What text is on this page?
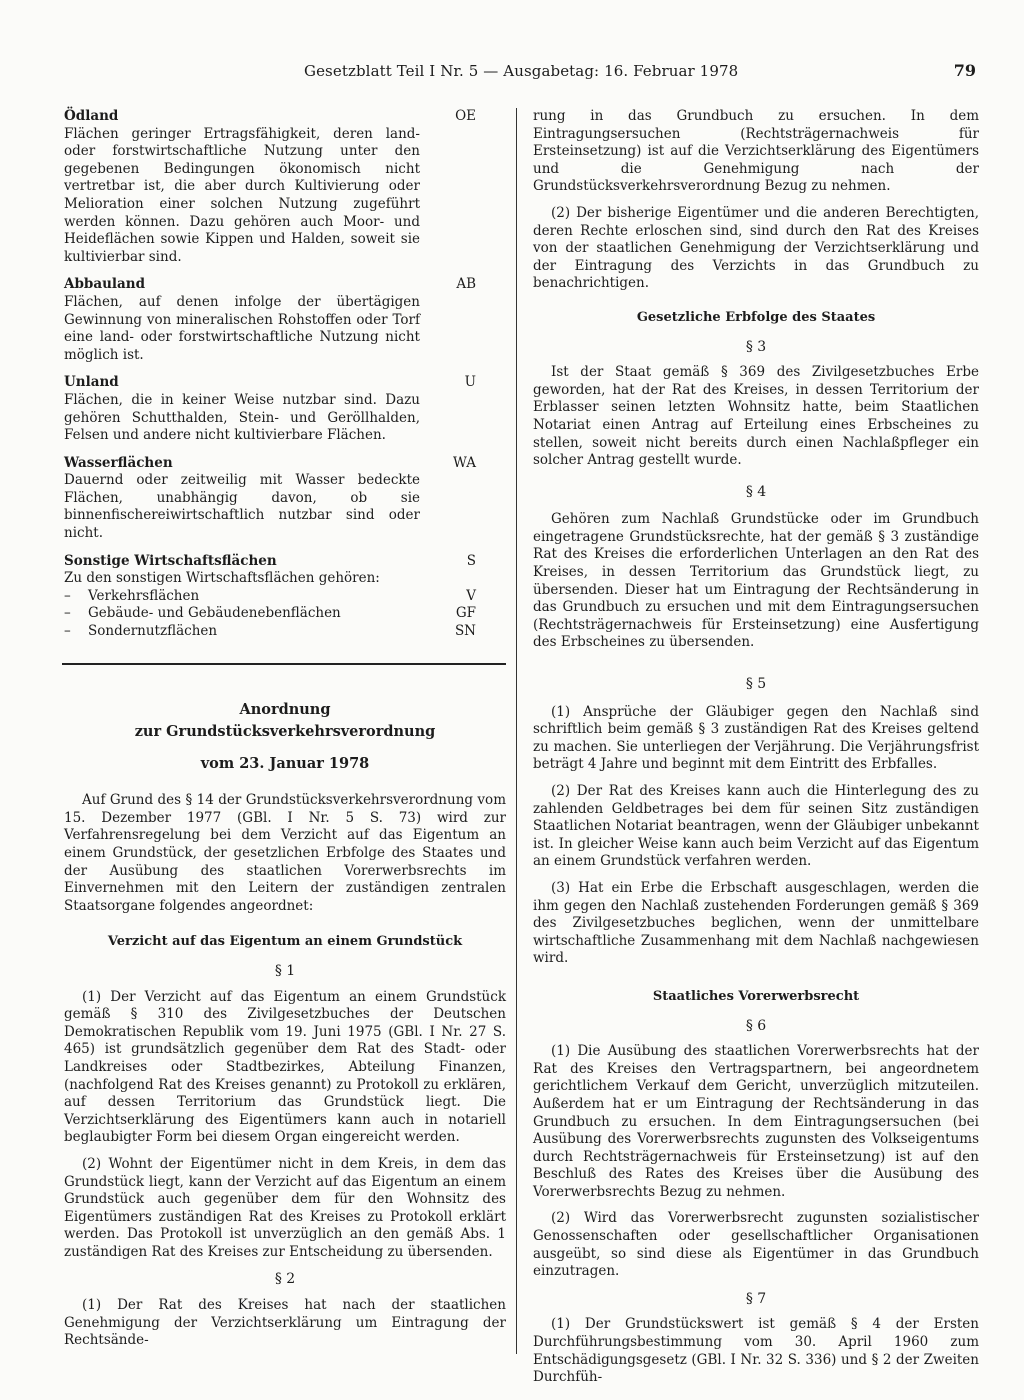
Gesetzblatt Teil I Nr. 5 — Ausgabetag: 16. Februar 1978	79
Ödland	OE
Flächen geringer Ertragsfähigkeit, deren land- oder forstwirtschaftliche Nutzung unter den gegebenen Bedingungen ökonomisch nicht vertretbar ist, die aber durch Kultivierung oder Melioration einer solchen Nutzung zugeführt werden können. Dazu gehören auch Moor- und Heideflächen sowie Kippen und Halden, soweit sie kultivierbar sind.
Abbauland	AB
Flächen, auf denen infolge der übertägigen Gewinnung von mineralischen Rohstoffen oder Torf eine land- oder forstwirtschaftliche Nutzung nicht möglich ist.
Unland	U
Flächen, die in keiner Weise nutzbar sind. Dazu gehören Schutthalden, Stein- und Geröllhalden, Felsen und andere nicht kultivierbare Flächen.
Wasserflächen	WA
Dauernd oder zeitweilig mit Wasser bedeckte Flächen, unabhängig davon, ob sie binnenfischereiwirtschaftlich nutzbar sind oder nicht.
Sonstige Wirtschaftsflächen	S
Zu den sonstigen Wirtschaftsflächen gehören:
–	Verkehrsflächen	V
–	Gebäude- und Gebäudenebenflächen	GF
–	Sondernutzflächen	SN
Anordnung
zur Grundstücksverkehrsverordnung
vom 23. Januar 1978

Auf Grund des § 14 der Grundstücksverkehrsverordnung vom 15. Dezember 1977 (GBl. I Nr. 5 S. 73) wird zur Verfahrensregelung bei dem Verzicht auf das Eigentum an einem Grundstück, der gesetzlichen Erbfolge des Staates und der Ausübung des staatlichen Vorerwerbsrechts im Einvernehmen mit den Leitern der zuständigen zentralen Staatsorgane folgendes angeordnet:

Verzicht auf das Eigentum an einem Grundstück
§ 1

(1) Der Verzicht auf das Eigentum an einem Grundstück gemäß § 310 des Zivilgesetzbuches der Deutschen Demokratischen Republik vom 19. Juni 1975 (GBl. I Nr. 27 S. 465) ist grundsätzlich gegenüber dem Rat des Stadt- oder Landkreises oder Stadtbezirkes, Abteilung Finanzen, (nachfolgend Rat des Kreises genannt) zu Protokoll zu erklären, auf dessen Territorium das Grundstück liegt. Die Verzichtserklärung des Eigentümers kann auch in notariell beglaubigter Form bei diesem Organ eingereicht werden.

(2) Wohnt der Eigentümer nicht in dem Kreis, in dem das Grundstück liegt, kann der Verzicht auf das Eigentum an einem Grundstück auch gegenüber dem für den Wohnsitz des Eigentümers zuständigen Rat des Kreises zu Protokoll erklärt werden. Das Protokoll ist unverzüglich an den gemäß Abs. 1 zuständigen Rat des Kreises zur Entscheidung zu übersenden.

§ 2

(1) Der Rat des Kreises hat nach der staatlichen Genehmigung der Verzichtserklärung um Eintragung der Rechtsände-

rung in das Grundbuch zu ersuchen. In dem Eintragungsersuchen (Rechtsträgernachweis für Ersteinsetzung) ist auf die Verzichtserklärung des Eigentümers und die Genehmigung nach der Grundstücksverkehrsverordnung Bezug zu nehmen.

(2) Der bisherige Eigentümer und die anderen Berechtigten, deren Rechte erloschen sind, sind durch den Rat des Kreises von der staatlichen Genehmigung der Verzichtserklärung und der Eintragung des Verzichts in das Grundbuch zu benachrichtigen.

Gesetzliche Erbfolge des Staates
§ 3

Ist der Staat gemäß § 369 des Zivilgesetzbuches Erbe geworden, hat der Rat des Kreises, in dessen Territorium der Erblasser seinen letzten Wohnsitz hatte, beim Staatlichen Notariat einen Antrag auf Erteilung eines Erbscheines zu stellen, soweit nicht bereits durch einen Nachlaßpfleger ein solcher Antrag gestellt wurde.

§ 4

Gehören zum Nachlaß Grundstücke oder im Grundbuch eingetragene Grundstücksrechte, hat der gemäß § 3 zuständige Rat des Kreises die erforderlichen Unterlagen an den Rat des Kreises, in dessen Territorium das Grundstück liegt, zu übersenden. Dieser hat um Eintragung der Rechtsänderung in das Grundbuch zu ersuchen und mit dem Eintragungsersuchen (Rechtsträgernachweis für Ersteinsetzung) eine Ausfertigung des Erbscheines zu übersenden.

§ 5

(1) Ansprüche der Gläubiger gegen den Nachlaß sind schriftlich beim gemäß § 3 zuständigen Rat des Kreises geltend zu machen. Sie unterliegen der Verjährung. Die Verjährungsfrist beträgt 4 Jahre und beginnt mit dem Eintritt des Erbfalles.

(2) Der Rat des Kreises kann auch die Hinterlegung des zu zahlenden Geldbetrages bei dem für seinen Sitz zuständigen Staatlichen Notariat beantragen, wenn der Gläubiger unbekannt ist. In gleicher Weise kann auch beim Verzicht auf das Eigentum an einem Grundstück verfahren werden.

(3) Hat ein Erbe die Erbschaft ausgeschlagen, werden die ihm gegen den Nachlaß zustehenden Forderungen gemäß § 369 des Zivilgesetzbuches beglichen, wenn der unmittelbare wirtschaftliche Zusammenhang mit dem Nachlaß nachgewiesen wird.

Staatliches Vorerwerbsrecht
§ 6

(1) Die Ausübung des staatlichen Vorerwerbsrechts hat der Rat des Kreises den Vertragspartnern, bei angeordnetem gerichtlichem Verkauf dem Gericht, unverzüglich mitzuteilen. Außerdem hat er um Eintragung der Rechtsänderung in das Grundbuch zu ersuchen. In dem Eintragungsersuchen (bei Ausübung des Vorerwerbsrechts zugunsten des Volkseigentums durch Rechtsträgernachweis für Ersteinsetzung) ist auf den Beschluß des Rates des Kreises über die Ausübung des Vorerwerbsrechts Bezug zu nehmen.

(2) Wird das Vorerwerbsrecht zugunsten sozialistischer Genossenschaften oder gesellschaftlicher Organisationen ausgeübt, so sind diese als Eigentümer in das Grundbuch einzutragen.

§ 7

(1) Der Grundstückswert ist gemäß § 4 der Ersten Durchführungsbestimmung vom 30. April 1960 zum Entschädigungsgesetz (GBl. I Nr. 32 S. 336) und § 2 der Zweiten Durchfüh-
